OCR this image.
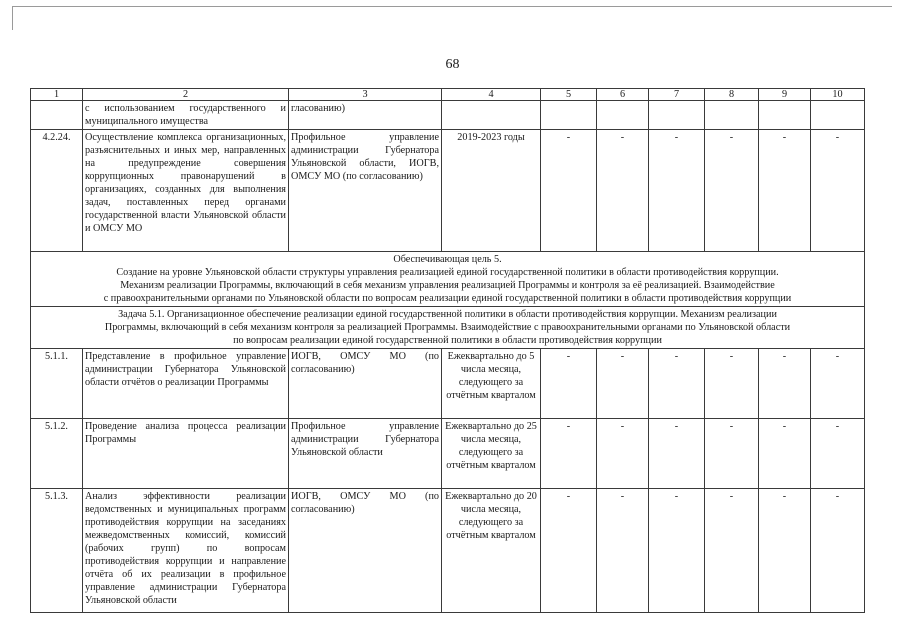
68
1	2	3	4	5	6	7	8	9	10
	с использованием государственного и муниципального имущества	гласованию)							
4.2.24.	Осуществление комплекса организационных, разъяснительных и иных мер, направленных на предупреждение совершения коррупционных правонарушений в организациях, созданных для выполнения задач, поставленных перед органами государственной власти Ульяновской области и ОМСУ МО	Профильное управление администрации Губернатора Ульяновской области, ИОГВ, ОМСУ МО (по согласованию)	2019-2023 годы	-	-	-	-	-	-

Обеспечивающая цель 5.
Создание на уровне Ульяновской области структуры управления реализацией единой государственной политики в области противодействия коррупции.
Механизм реализации Программы, включающий в себя механизм управления реализацией Программы и контроля за её реализацией. Взаимодействие
с правоохранительными органами по Ульяновской области по вопросам реализации единой государственной политики в области противодействия коррупции									

Задача 5.1. Организационное обеспечение реализации единой государственной политики в области противодействия коррупции. Механизм реализации
Программы, включающий в себя механизм контроля за реализацией Программы. Взаимодействие с правоохранительными органами по Ульяновской области
по вопросам реализации единой государственной политики в области противодействия коррупции									

5.1.1.	Представление в профильное управление администрации Губернатора Ульяновской области отчётов о реализации Программы	ИОГВ, ОМСУ МО (по согласованию)	Ежеквартально до 5 числа месяца, следующего за отчётным кварталом	-	-	-	-	-	-
5.1.2.	Проведение анализа процесса реализации Программы	Профильное управление администрации Губернатора Ульяновской области	Ежеквартально до 25 числа месяца, следующего за отчётным кварталом	-	-	-	-	-	-
5.1.3.	Анализ эффективности реализации ведомственных и муниципальных программ противодействия коррупции на заседаниях межведомственных комиссий, комиссий (рабочих групп) по вопросам противодействия коррупции и направление отчёта об их реализации в профильное управление администрации Губернатора Ульяновской области	ИОГВ, ОМСУ МО (по согласованию)	Ежеквартально до 20 числа месяца, следующего за отчётным кварталом	-	-	-	-	-	-
